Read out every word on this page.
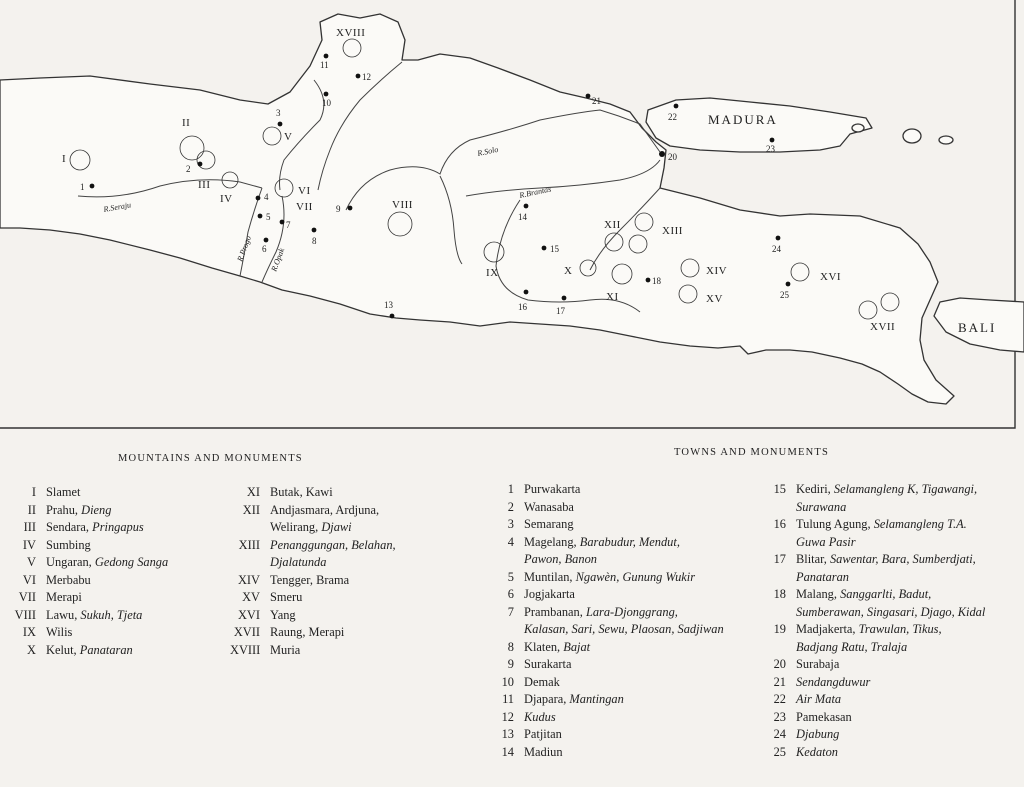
1
2
3
4
5
6
7
8
9
10
11
12
13
14
15
16	17
18
21
20
22
23
24
25
I
II
III
IV
V
VI
VII	VIII
IX	X
XI
XII	XIII
XIV
XV
XVI
XVII
XVIII
MADURA
BALI
R.Seraju
R.Solo
R.Brantas
R.Progo R.Opak
MOUNTAINS AND MONUMENTS
TOWNS AND MONUMENTS
I Slamet
II Prahu, Dieng
III Sendara, Pringapus
IV Sumbing
V Ungaran, Gedong Sanga
VI Merbabu
VII Merapi
VIII Lawu, Sukuh, Tjeta
IX Wilis
X Kelut, Panataran
XI Butak, Kawi
XII Andjasmara, Ardjuna,
Welirang, Djawi
XIII Penanggungan, Belahan,
Djalatunda
XIV Tengger, Brama
XV Smeru
XVI Yang
XVII Raung, Merapi
XVIII Muria
1 Purwakarta
2 Wanasaba
3 Semarang
4 Magelang, Barabudur, Mendut,
Pawon, Banon
5 Muntilan, Ngawèn, Gunung Wukir
6 Jogjakarta
7 Prambanan, Lara-Djonggrang,
Kalasan, Sari, Sewu, Plaosan, Sadjiwan
8 Klaten, Bajat
9 Surakarta
10 Demak
11 Djapara, Mantingan
12 Kudus
13 Patjitan
14 Madiun
15 Kediri, Selamangleng K, Tigawangi,
Surawana
16 Tulung Agung, Selamangleng T.A.
Guwa Pasir
17 Blitar, Sawentar, Bara, Sumberdjati,
Panataran
18 Malang, Sanggarlti, Badut,
Sumberawan, Singasari, Djago, Kidal
19 Madjakerta, Trawulan, Tikus,
Badjang Ratu, Tralaja
20 Surabaja
21 Sendangduwur
22 Air Mata
23 Pamekasan
24 Djabung
25 Kedaton
